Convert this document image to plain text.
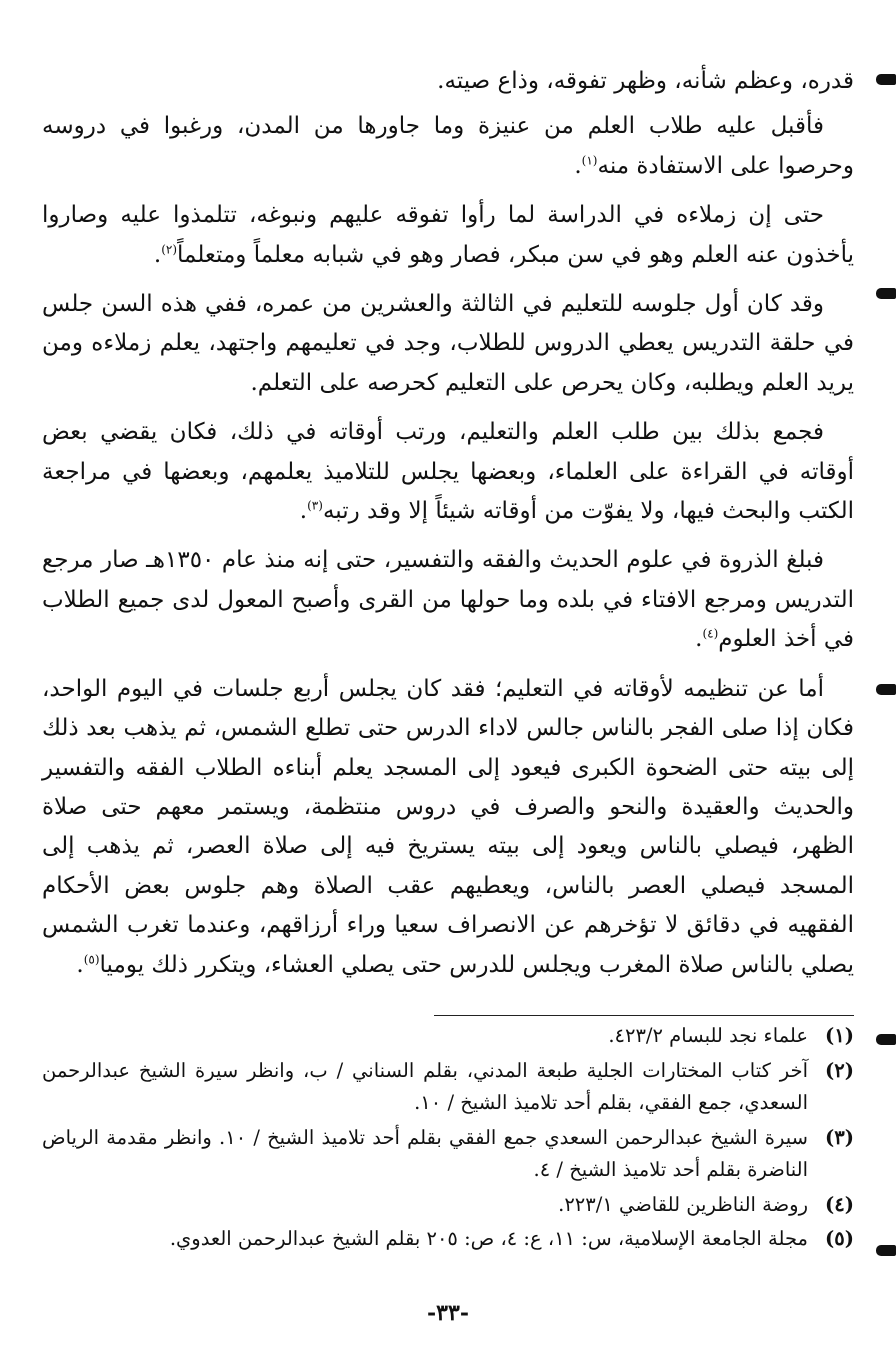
قدره، وعظم شأنه، وظهر تفوقه، وذاع صيته.

فأقبل عليه طلاب العلم من عنيزة وما جاورها من المدن، ورغبوا في دروسه وحرصوا على الاستفادة منه$^{(١)}$.

حتى إن زملاءه في الدراسة لما رأوا تفوقه عليهم ونبوغه، تتلمذوا عليه وصاروا يأخذون عنه العلم وهو في سن مبكر، فصار وهو في شبابه معلماً ومتعلماً$^{(٢)}$.

وقد كان أول جلوسه للتعليم في الثالثة والعشرين من عمره، ففي هذه السن جلس في حلقة التدريس يعطي الدروس للطلاب، وجد في تعليمهم واجتهد، يعلم زملاءه ومن يريد العلم ويطلبه، وكان يحرص على التعليم كحرصه على التعلم.

فجمع بذلك بين طلب العلم والتعليم، ورتب أوقاته في ذلك، فكان يقضي بعض أوقاته في القراءة على العلماء، وبعضها يجلس للتلاميذ يعلمهم، وبعضها في مراجعة الكتب والبحث فيها، ولا يفوّت من أوقاته شيئاً إلا وقد رتبه$^{(٣)}$.

فبلغ الذروة في علوم الحديث والفقه والتفسير، حتى إنه منذ عام ١٣٥٠هـ صار مرجع التدريس ومرجع الافتاء في بلده وما حولها من القرى وأصبح المعول لدى جميع الطلاب في أخذ العلوم$^{(٤)}$.

أما عن تنظيمه لأوقاته في التعليم؛ فقد كان يجلس أربع جلسات في اليوم الواحد، فكان إذا صلى الفجر بالناس جالس لاداء الدرس حتى تطلع الشمس، ثم يذهب بعد ذلك إلى بيته حتى الضحوة الكبرى فيعود إلى المسجد يعلم أبناءه الطلاب الفقه والتفسير والحديث والعقيدة والنحو والصرف في دروس منتظمة، ويستمر معهم حتى صلاة الظهر، فيصلي بالناس ويعود إلى بيته يستريخ فيه إلى صلاة العصر، ثم يذهب إلى المسجد فيصلي العصر بالناس، ويعطيهم عقب الصلاة وهم جلوس بعض الأحكام الفقهيه في دقائق لا تؤخرهم عن الانصراف سعيا وراء أرزاقهم، وعندما تغرب الشمس يصلي بالناس صلاة المغرب ويجلس للدرس حتى يصلي العشاء، ويتكرر ذلك يوميا$^{(٥)}$.

(١)
علماء نجد للبسام ٤٢٣/٢.
(٢)
آخر كتاب المختارات الجلية طبعة المدني، بقلم السناني / ب، وانظر سيرة الشيخ عبدالرحمن السعدي، جمع الفقي، بقلم أحد تلاميذ الشيخ / ١٠.
(٣)
سيرة الشيخ عبدالرحمن السعدي جمع الفقي بقلم أحد تلاميذ الشيخ / ١٠. وانظر مقدمة الرياض الناضرة بقلم أحد تلاميذ الشيخ / ٤.
(٤)
روضة الناظرين للقاضي ٢٢٣/١.
(٥)
مجلة الجامعة الإسلامية، س: ١١، ع: ٤، ص: ٢٠٥ بقلم الشيخ عبدالرحمن العدوي.
-٣٣-
